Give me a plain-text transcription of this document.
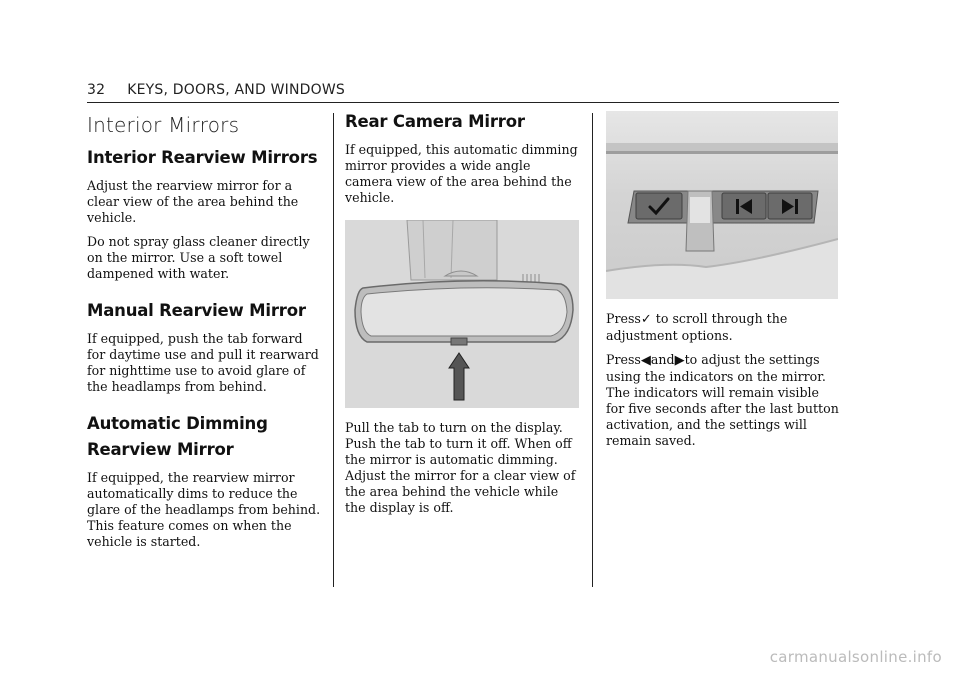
32 KEYS, DOORS, AND WINDOWS
Interior Mirrors
Interior Rearview Mirrors

Adjust the rearview mirror for a clear view of the area behind the vehicle.

Do not spray glass cleaner directly on the mirror. Use a soft towel dampened with water.

Manual Rearview Mirror

If equipped, push the tab forward for daytime use and pull it rearward for nighttime use to avoid glare of the headlamps from behind.

Automatic Dimming
Rearview Mirror

If equipped, the rearview mirror automatically dims to reduce the glare of the headlamps from behind. This feature comes on when the vehicle is started.

Rear Camera Mirror

If equipped, this automatic dimming mirror provides a wide angle camera view of the area behind the vehicle.

Pull the tab to turn on the display. Push the tab to turn it off. When off the mirror is automatic dimming. Adjust the mirror for a clear view of the area behind the vehicle while the display is off.

Press✓ to scroll through the adjustment options.

Press◀and▶to adjust the settings using the indicators on the mirror. The indicators will remain visible for five seconds after the last button activation, and the settings will remain saved.

carmanualsonline.info
